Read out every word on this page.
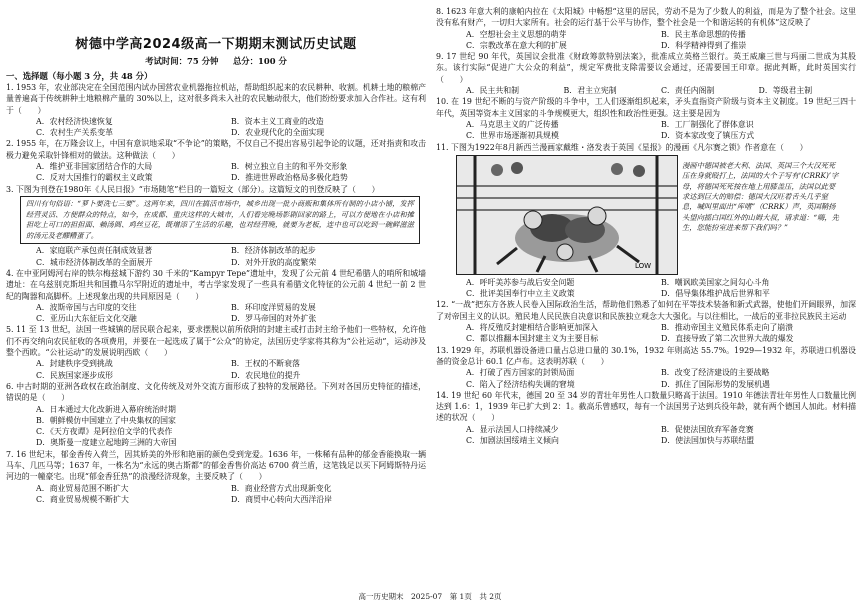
树德中学高2024级高一下期期末测试历史试题
考试时间：75 分钟 总分：100 分
一、选择题（每小题 3 分，共 48 分）

1. 1953 年，农业部决定在全国范围内试办国营农业机器拖拉机站，帮助组织起来的农民耕种、收割。机耕土地的粮棉产量普遍高于传统耕种土地粮棉产量的 30%以上，这对很多尚未入社的农民触动很大，他们纷纷要求加入合作社。这有利于（　　）

A．农村经济快速恢复	B．资本主义工商业的改造
C．农村生产关系变革	D．农业现代化的全面实现

2. 1955 年，在万隆会议上，中国有意识地采取“不争论”的策略，不仅自己不提出容易引起争论的议题，还对指责和攻击极力避免采取针锋相对的做法。这种做法（　　）

A．维护亚非国家团结合作的大局	B．树立独立自主的和平外交形象
C．反对大国推行的霸权主义政策	D．推进世界政治格局多极化趋势

3. 下图为刊登在1980年《人民日报》“市场随笔”栏目的一篇短文（部分）。这篇短文的刊登反映了（　　）

四川有句俗语：“萝卜要洗七三要”。这两年来，四川在搞活市场中，城乡出现一批小商贩和集体所有制的小店小铺，发挥经营灵活、方便群众的特点，如今，在成都、重庆这样的大城市，人们看完晚场影剧回家的路上，可以方便地在小店和摊担吃上可口的担担面、赖汤圆、鸡丝豆花，既增添了生活的乐趣，也对经营晚，就要为老板，连中也可以吃到一碗鲜滋滋的汤元及老醪糟蛋了。
A．家庭联产承包责任制成效显著	B．经济体制改革的起步
C．城市经济体制改革的全面展开	D．对外开放的高度繁荣

4. 在中亚阿姆河右岸的铁尔梅兹城下游约 30 千米的“Kampyr Tepe”遗址中，发现了公元前 4 世纪希腊人的哨所和城墙遗址：在乌兹别克斯坦共和国撒马尔罕附近的遗址中，考古学家发现了一些具有希腊文化特征的公元前 4 世纪一前 2 世纪的陶器和高脚杯。上述现象出现的共同原因是（　　）

A．波斯帝国与古印度的交往	B．环印度洋贸易的发展
C．亚历山大东征后文化交融	D．罗马帝国的对外扩张

5. 11 至 13 世纪，法国一些城镇的居民联合起来，要求摆脱以前所依附的封建主或打击封主给予他们一些特权，允许他们不再交纳向农民征收的各项费用，并要在一起选成了属于“公众”的协定，法国历史学家将其称为“公社运动”，运动涉及整个西欧。“公社运动”的发展说明西欧（　　）

A．封建秩序受到挑战	B．王权的不断衰落
C．民族国家逐步成形	D．农民地位的提升

6. 中古时期的亚洲各政权在政治制度、文化传统及对外交流方面形成了独特的发展路径。下列对各国历史特征的描述，错误的是（　　）

A．日本通过大化改新进入幕府统治时期
B．朝鲜模仿中国建立了中央集权的国家
C．《天方夜谭》是阿拉伯文学的代表作
D．奥斯曼一度建立起地跨三洲的大帝国

7. 16 世纪末，郁金香传入荷兰，因其娇美的外形和艳丽的颜色受到宠爱。1636 年，一株稀有品种的郁金香能换取一辆马车、几匹马等；1637 年，一株名为“永远的奥古斯都”的郁金香售价高达 6700 荷兰盾，这笔钱足以买下阿姆斯特丹运河边的一幢豪宅。出现“郁金香狂热”的浪漫经济现象，主要反映了（　　）

A．商业贸易范围不断扩大	B．商业经营方式出现新变化
C．商业贸易规模不断扩大	D．商贸中心转向大西洋沿岸

8. 1623 年意大利的康帕内拉在《太阳城》中畅想“这里的居民，劳动不是为了少数人的利益，而是为了整个社会。这里没有私有财产，一切归大家所有。社会的运行基于公平与协作，整个社会是一个和谐运转的有机体”这反映了

A．空想社会主义思想的萌芽	B．民主革命思想的传播
C．宗教改革在意大利的扩展	D．科学精神得到了推崇

9. 17 世纪 90 年代，英国议会批准《财政筹款特别法案》，批准成立英格兰银行。英王威廉三世与玛丽二世成为其股东。该行实际“促进广大公众的利益”，规定军费批支除需要议会通过，还需要国王印章。据此判断，此时英国实行（　　）

A．民主共和制	B．君主立宪制	C．责任内阁制	D．等级君主制

10. 在 19 世纪不断的与资产阶级的斗争中，工人们逐渐组织起来，矛头直指资产阶级与资本主义制度。19 世纪三四十年代，英国等资本主义国家的斗争规模更大，组织性和政治性更强。这主要是因为

A．马克思主义的广泛传播	B．工厂制强化了群体意识
C．世界市场逐渐初具规模	D．资本家改变了镇压方式

11. 下图为1922年8月新西兰漫画家戴维・洛发表于英国《星报》的漫画《凡尔赛之锁》作者意在（　　）

LOW
漫画中德国被老大利、法国、英国三个大汉死死压在身就殴打上，法国的大个子写有‘(CRRK)’字母，将德国死死按在地上用膝盖压，法国以此要求达到巨大的赔偿：德国大汉旺着舌头几乎窒息，喊叫里面出“库嗜”（CRRK）声，英国鞘扬头望向摇白国红外的山姆大叔，请求道：“嗨，先生，您能扮室进来帮下我们吗？”
A．呼吁美苏参与战后安全问题	B．嘲讽欧美国家之间勾心斗角
C．批评美国奉行中立主义政策	D．倡导集体维护战后世界和平

12. “一战”把东方各族人民卷入国际政治生活，帮助他们熟悉了如何在平等技术装备和新式武器，使他们开阔眼界，加深了对帝国主义的认识。殖民地人民民族自决意识和民族独立观念大大强化。与以往相比，一战后的亚非拉民族民主运动

A．将反殖反封建相结合影响更加深入	B．推动帝国主义殖民体系走向了崩溃
C．都以推翻本国封建主义为主要目标	D．直接导致了第二次世界大战的爆发

13. 1929 年，苏联机器设备进口量占总进口量的 30.1%，1932 年则高达 55.7%。1929—1932 年，苏联进口机器设备的资金总计 60.1 亿卢布。这表明苏联（　　）

A．打破了西方国家的封锁局面	B．改变了经济建设的主要战略
C．陷入了经济结构失调的窘境	D．抓住了国际形势的发展机遇

14. 19 世纪 60 年代末，德国 20 至 34 岁的青壮年男性人口数量只略高于法国。1910 年德法青壮年男性人口数量比例达到 1.6：1，1939 年已扩大到 2：1。截高乐曾感叹，每有一个法国男子达到兵役年龄，就有两个德国人加此。材料描述的状况（　　）

A．显示法国人口持续减少	B．促使法国放弃军备竞赛
C．加剧法国绥靖主义倾向	D．使法国加快与苏联结盟
高一历史期末　2025-07　第 1页　共 2页
